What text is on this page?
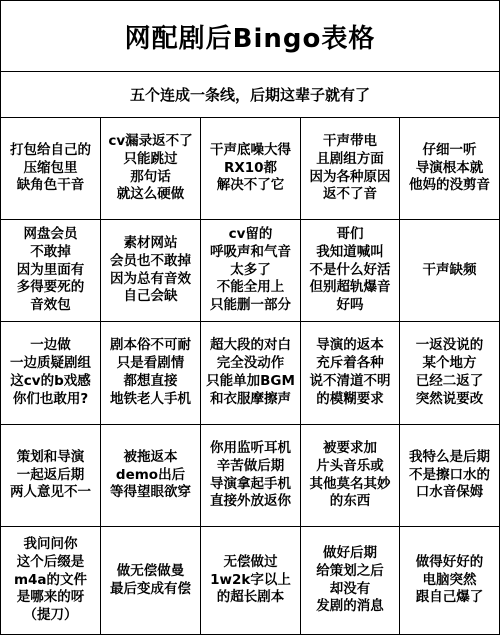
网配剧后Bingo表格
五个连成一条线，后期这辈子就有了
打包给自己的
压缩包里
缺角色干音
cv漏录返不了
只能跳过
那句话
就这么硬做
干声底噪大得
RX10都
解决不了它
干声带电
且剧组方面
因为各种原因
返不了音
仔细一听
导演根本就
他妈的没剪音
网盘会员
不敢掉
因为里面有
多得要死的
音效包
素材网站
会员也不敢掉
因为总有音效
自己会缺
cv留的
呼吸声和气音
太多了
不能全用上
只能删一部分
哥们
我知道喊叫
不是什么好活
但别超轨爆音
好吗
干声缺频
一边做
一边质疑剧组
这cv的b戏感
你们也敢用?
剧本俗不可耐
只是看剧情
都想直接
地铁老人手机
超大段的对白
完全没动作
只能单加BGM
和衣服摩擦声
导演的返本
充斥着各种
说不清道不明
的模糊要求
一返没说的
某个地方
已经二返了
突然说要改
策划和导演
一起返后期
两人意见不一
被拖返本
demo出后
等得望眼欲穿
你用监听耳机
辛苦做后期
导演拿起手机
直接外放返你
被要求加
片头音乐或
其他莫名其妙
的东西
我特么是后期
不是擦口水的
口水音保姆
我问问你
这个后缀是
m4a的文件
是哪来的呀
（提刀）
做无偿做曼
最后变成有偿
无偿做过
1w2k字以上
的超长剧本
做好后期
给策划之后
却没有
发剧的消息
做得好好的
电脑突然
跟自己爆了
